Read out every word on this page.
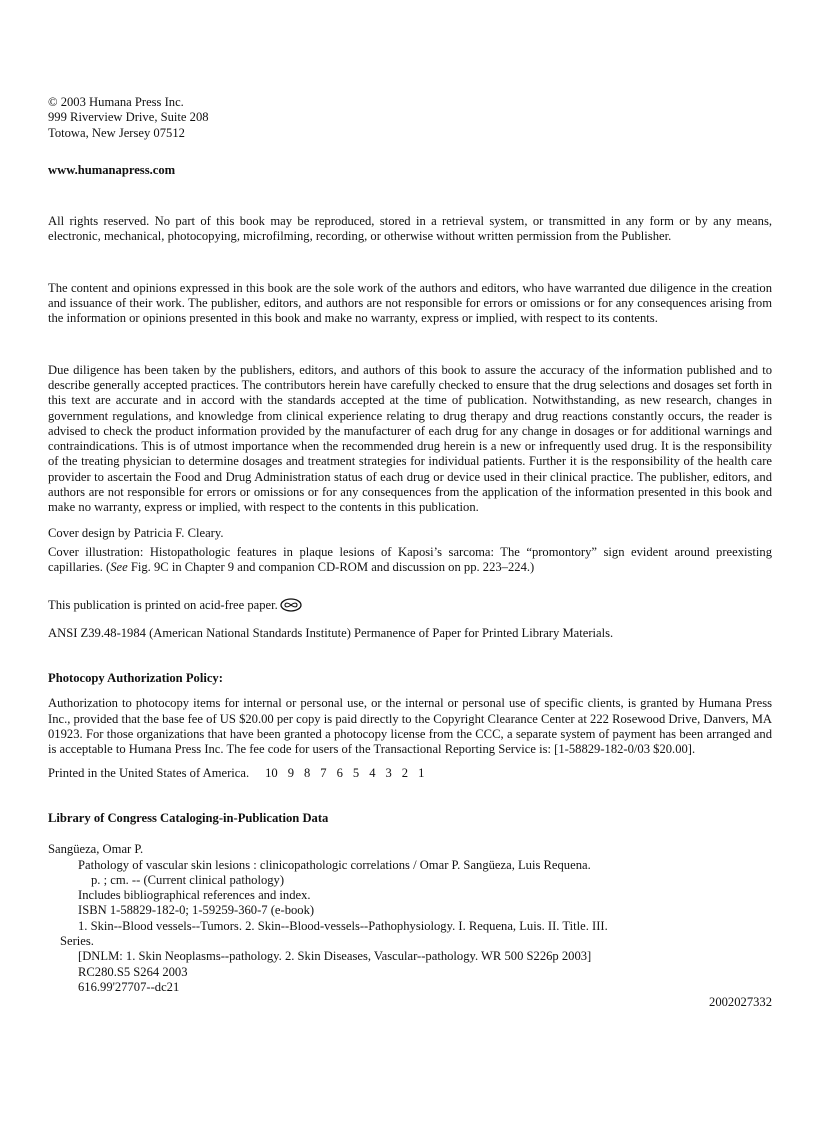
© 2003 Humana Press Inc.

999 Riverview Drive, Suite 208

Totowa, New Jersey 07512

www.humanapress.com

All rights reserved. No part of this book may be reproduced, stored in a retrieval system, or transmitted in any form or by any means, electronic, mechanical, photocopying, microfilming, recording, or otherwise without written permission from the Publisher.

The content and opinions expressed in this book are the sole work of the authors and editors, who have warranted due diligence in the creation and issuance of their work. The publisher, editors, and authors are not responsible for errors or omissions or for any consequences arising from the information or opinions presented in this book and make no warranty, express or implied, with respect to its contents.

Due diligence has been taken by the publishers, editors, and authors of this book to assure the accuracy of the information published and to describe generally accepted practices. The contributors herein have carefully checked to ensure that the drug selections and dosages set forth in this text are accurate and in accord with the standards accepted at the time of publication. Notwithstanding, as new research, changes in government regulations, and knowledge from clinical experience relating to drug therapy and drug reactions constantly occurs, the reader is advised to check the product information provided by the manufacturer of each drug for any change in dosages or for additional warnings and contraindications. This is of utmost importance when the recommended drug herein is a new or infrequently used drug. It is the responsibility of the treating physician to determine dosages and treatment strategies for individual patients. Further it is the responsibility of the health care provider to ascertain the Food and Drug Administration status of each drug or device used in their clinical practice. The publisher, editors, and authors are not responsible for errors or omissions or for any consequences from the application of the information presented in this book and make no warranty, express or implied, with respect to the contents in this publication.

Cover design by Patricia F. Cleary.

Cover illustration: Histopathologic features in plaque lesions of Kaposi’s sarcoma: The “promontory” sign evident around preexisting capillaries. (See Fig. 9C in Chapter 9 and companion CD-ROM and discussion on pp. 223–224.)

This publication is printed on acid-free paper.

ANSI Z39.48-1984 (American National Standards Institute) Permanence of Paper for Printed Library Materials.

Photocopy Authorization Policy:

Authorization to photocopy items for internal or personal use, or the internal or personal use of specific clients, is granted by Humana Press Inc., provided that the base fee of US $20.00 per copy is paid directly to the Copyright Clearance Center at 222 Rosewood Drive, Danvers, MA 01923. For those organizations that have been granted a photocopy license from the CCC, a separate system of payment has been arranged and is acceptable to Humana Press Inc. The fee code for users of the Transactional Reporting Service is: [1-58829-182-0/03 $20.00].

Printed in the United States of America. 10 9 8 7 6 5 4 3 2 1

Library of Congress Cataloging-in-Publication Data

Sangüeza, Omar P.

Pathology of vascular skin lesions : clinicopathologic correlations / Omar P. Sangüeza, Luis Requena.

p. ; cm. -- (Current clinical pathology)

Includes bibliographical references and index.

ISBN 1-58829-182-0; 1-59259-360-7 (e-book)

1. Skin--Blood vessels--Tumors. 2. Skin--Blood-vessels--Pathophysiology. I. Requena, Luis. II. Title. III.

Series.

[DNLM: 1. Skin Neoplasms--pathology. 2. Skin Diseases, Vascular--pathology. WR 500 S226p 2003]

RC280.S5 S264 2003

616.99'27707--dc21

2002027332
